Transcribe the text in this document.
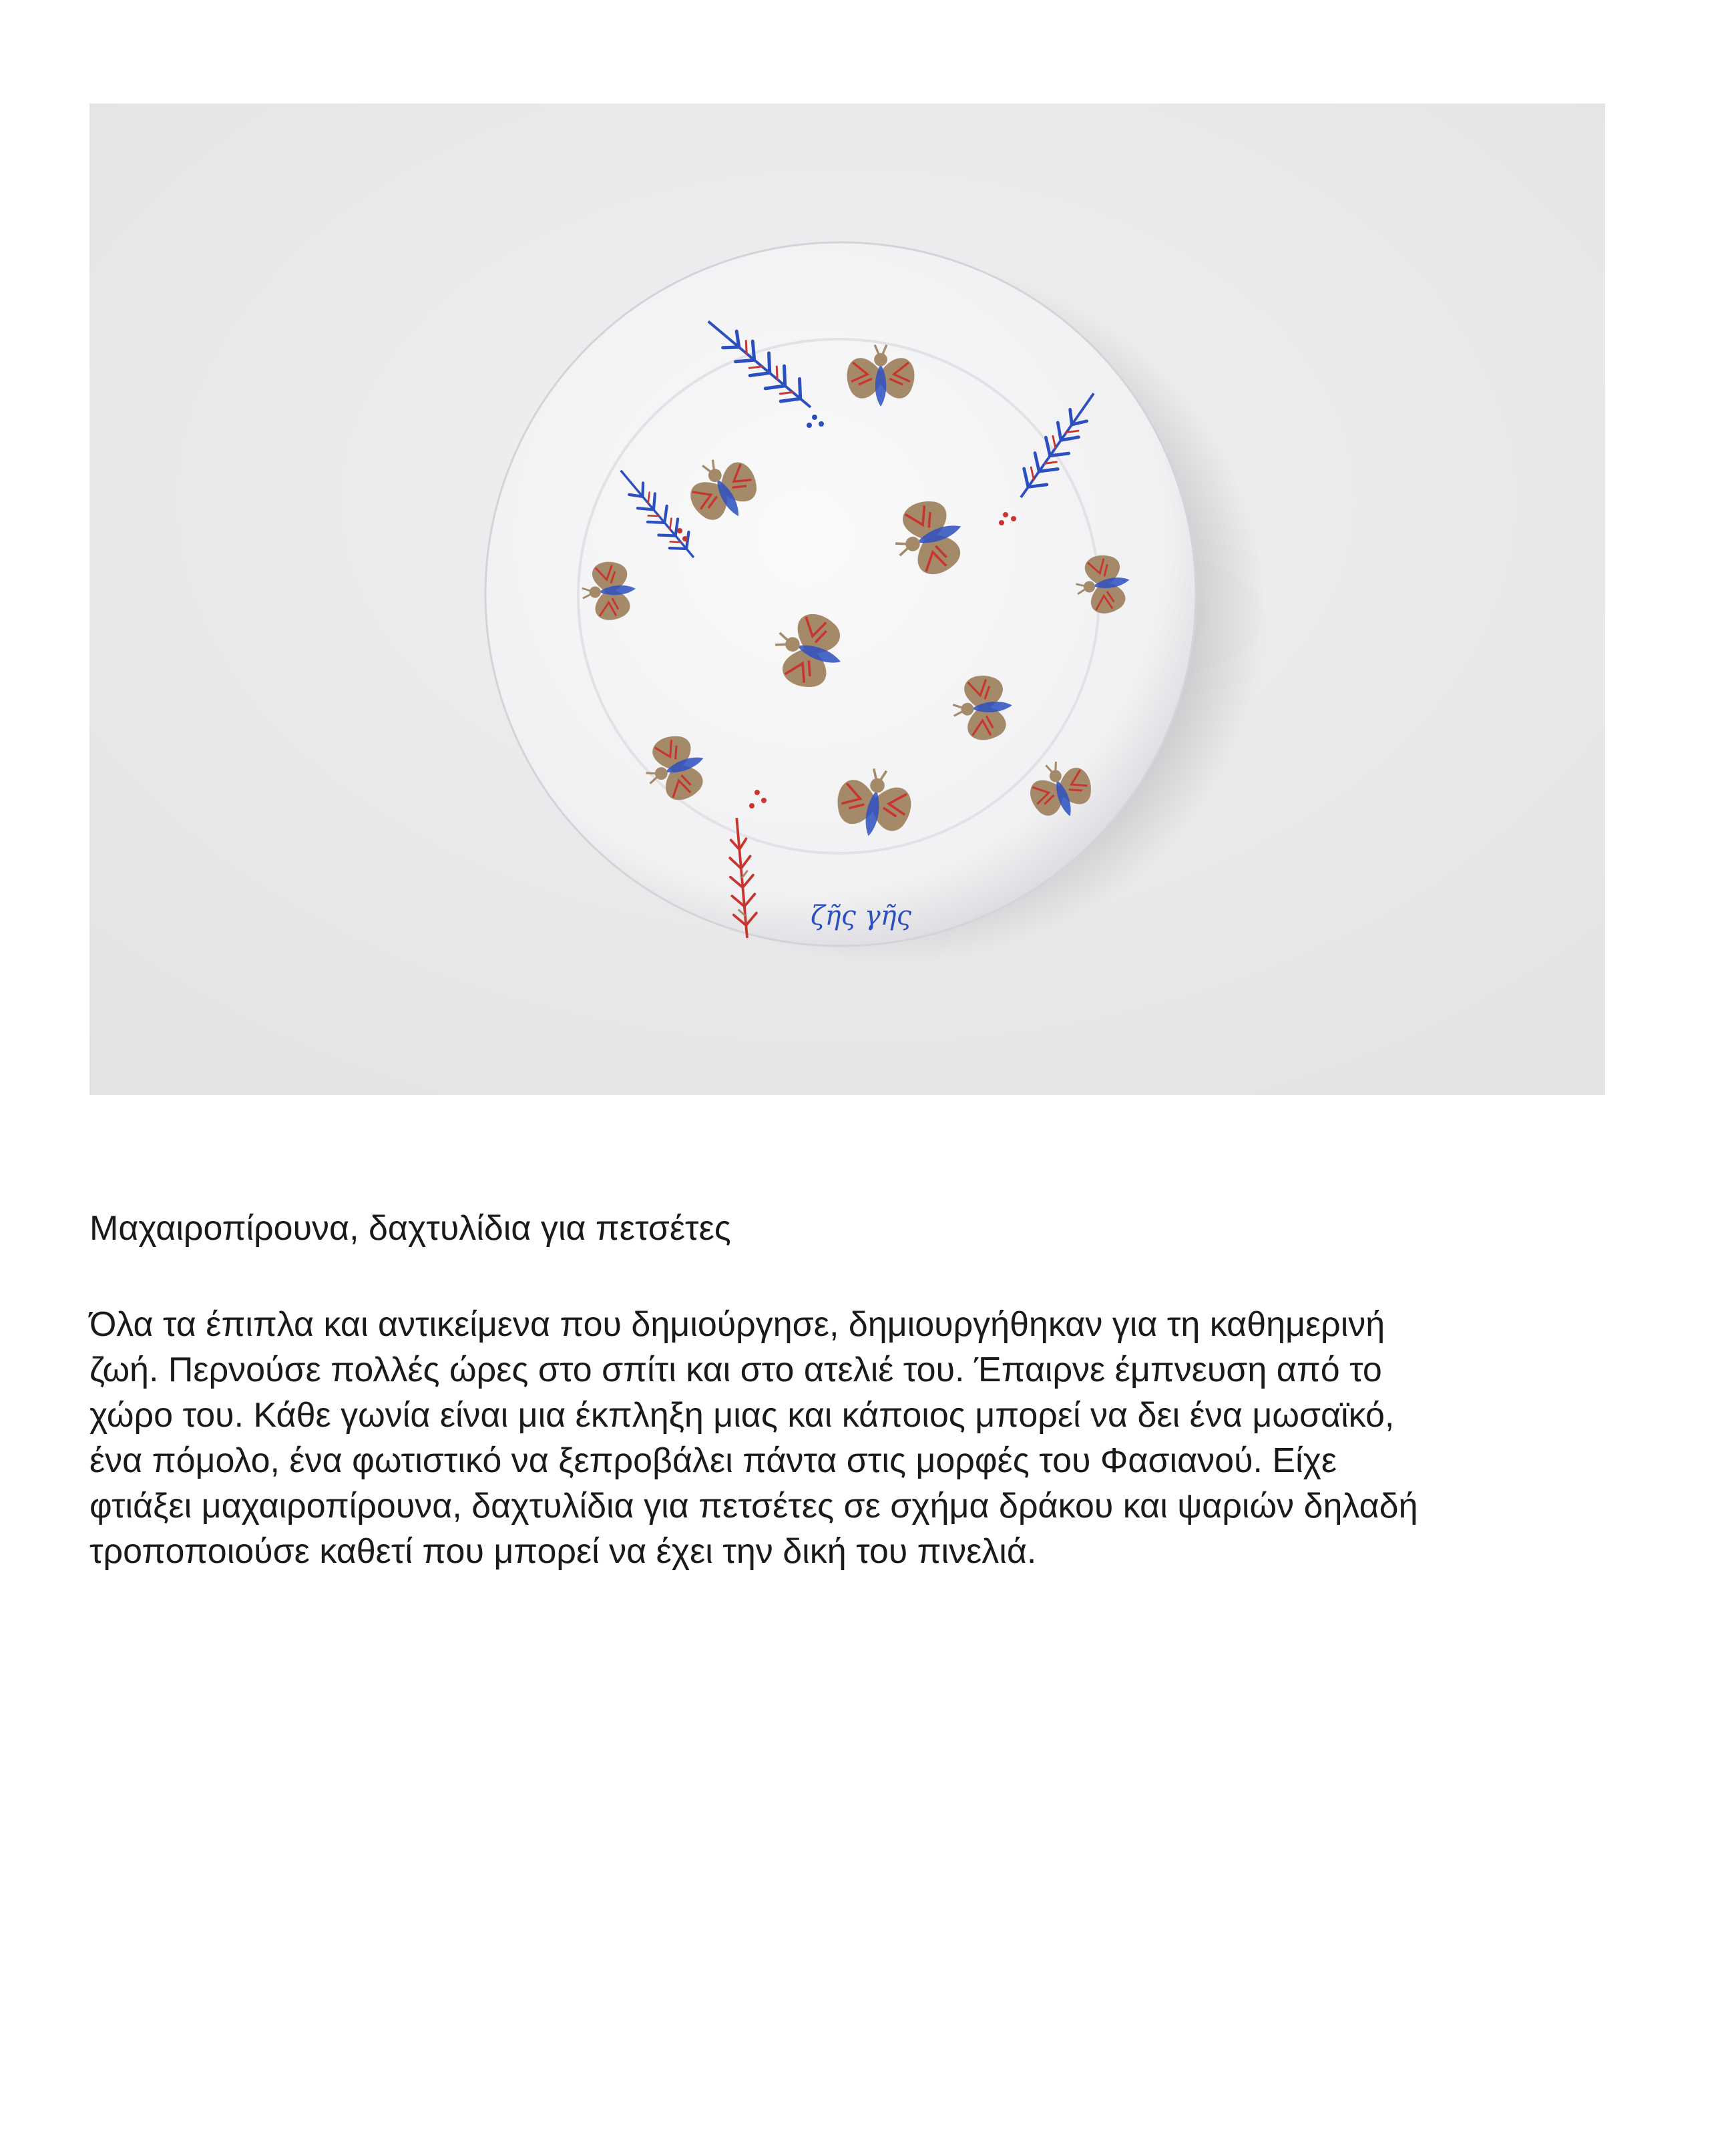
ζῆς γῆς
Μαχαιροπίρουνα, δαχτυλίδια για πετσέτες

Όλα τα έπιπλα και αντικείμενα που δημιούργησε, δημιουργήθηκαν για τη καθημερινή
ζωή. Περνούσε πολλές ώρες στο σπίτι και στο ατελιέ του. Έπαιρνε έμπνευση από το
χώρο του. Κάθε γωνία είναι μια έκπληξη μιας και κάποιος μπορεί να δει ένα μωσαϊκό,
ένα πόμολο, ένα φωτιστικό να ξεπροβάλει πάντα στις μορφές του Φασιανού. Είχε
φτιάξει μαχαιροπίρουνα, δαχτυλίδια για πετσέτες σε σχήμα δράκου και ψαριών δηλαδή
τροποποιούσε καθετί που μπορεί να έχει την δική του πινελιά.
